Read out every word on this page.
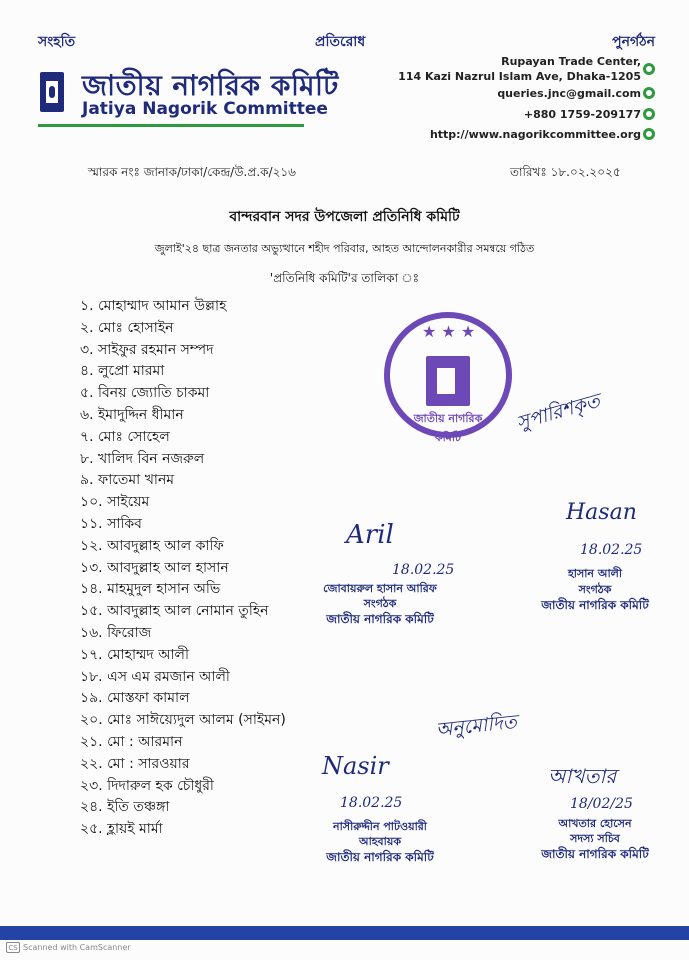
সংহতি	প্রতিরোধ	পুনর্গঠন
জাতীয় নাগরিক কমিটি
Jatiya Nagorik Committee
Rupayan Trade Center,
114 Kazi Nazrul Islam Ave, Dhaka-1205
queries.jnc@gmail.com
+880 1759-209177
http://www.nagorikcommittee.org
স্মারক নংঃ জানাক/ঢাকা/কেন্দ্র/উ.প্র.ক/২১৬	তারিখঃ ১৮.০২.২০২৫
বান্দরবান সদর উপজেলা প্রতিনিধি কমিটি
জুলাই'২৪ ছাত্র জনতার অভ্যুত্থানে শহীদ পরিবার, আহত আন্দোলনকারীর সমন্বয়ে গঠিত
'প্রতিনিধি কমিটি'র তালিকা ঃ
১. মোহাম্মাদ আমান উল্লাহ
২. মোঃ হোসাইন
৩. সাইফুর রহমান সম্পদ
৪. লুপ্রো মারমা
৫. বিনয় জ্যোতি চাকমা
৬. ইমাদুদ্দিন ধীমান
৭. মোঃ সোহেল
৮. খালিদ বিন নজরুল
৯. ফাতেমা খানম
১০. সাইয়েম
১১. সাকিব
১২. আবদুল্লাহ আল কাফি
১৩. আবদুল্লাহ আল হাসান
১৪. মাহমুদুল হাসান অভি
১৫. আবদুল্লাহ আল নোমান তুহিন
১৬. ফিরোজ
১৭. মোহাম্মদ আলী
১৮. এস এম রমজান আলী
১৯. মোস্তফা কামাল
২০. মোঃ সাঈয়্যেদুল আলম (সাইমন)
২১. মো : আরমান
২২. মো : সারওয়ার
২৩. দিদারুল হক চৌধুরী
২৪. ইতি তঞ্চঙ্গা
২৫. হ্লায়ই মার্মা
★ ★ ★
জাতীয় নাগরিক কমিটি
সুপারিশকৃত
অনুমোদিত
Aril
18.02.25
জোবায়রুল হাসান আরিফ
সংগঠক
জাতীয় নাগরিক কমিটি
Hasan
18.02.25
হাসান আলী
সংগঠক
জাতীয় নাগরিক কমিটি
Nasir
18.02.25
নাসীরুদ্দীন পাটওয়ারী
আহবায়ক
জাতীয় নাগরিক কমিটি
আখতার
18/02/25
আখতার হোসেন
সদস্য সচিব
জাতীয় নাগরিক কমিটি
CS Scanned with CamScanner
